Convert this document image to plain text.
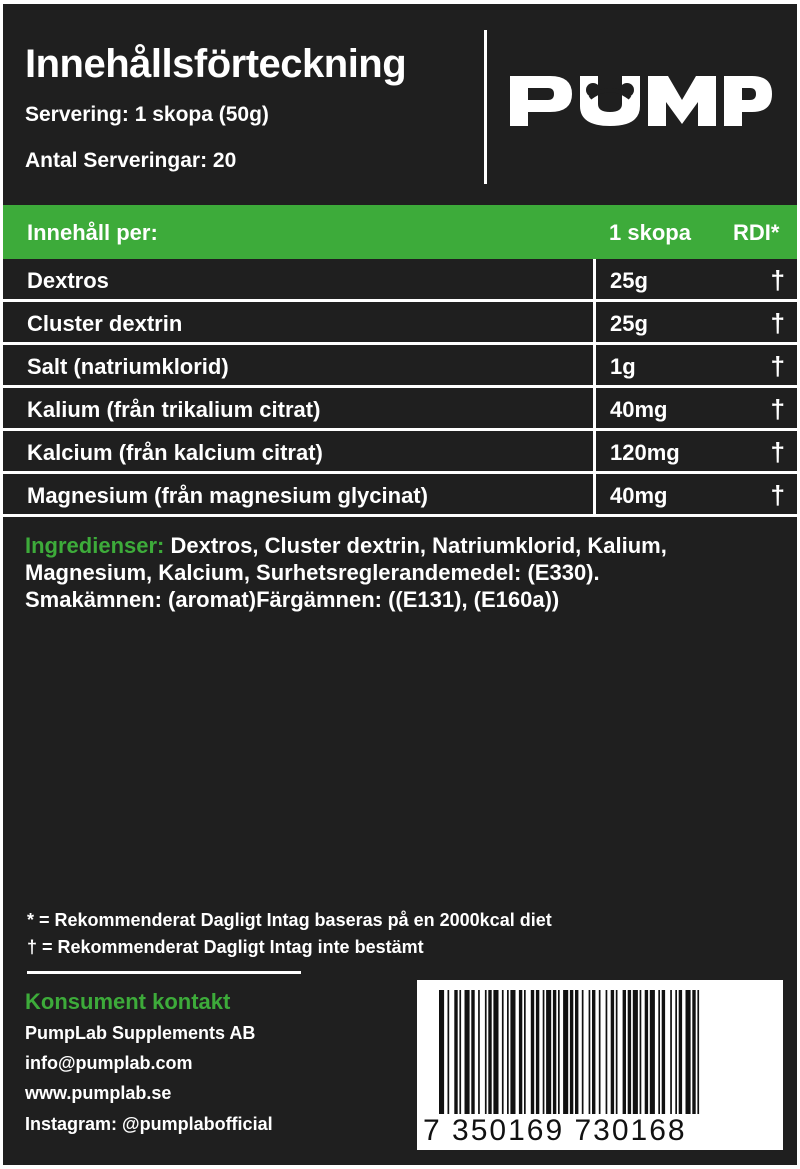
Innehållsförteckning
Servering: 1 skopa (50g)
Antal Serveringar: 20
Innehåll per:	1 skopa RDI*
Dextros	25g	†
Cluster dextrin	25g	†
Salt (natriumklorid)	1g	†
Kalium (från trikalium citrat)	40mg	†
Kalcium (från kalcium citrat)	120mg	†
Magnesium (från magnesium glycinat)	40mg	†
Ingredienser: Dextros, Cluster dextrin, Natriumklorid, Kalium,
Magnesium, Kalcium, Surhetsreglerandemedel: (E330).
Smakämnen: (aromat)Färgämnen: ((E131), (E160a))
* = Rekommenderat Dagligt Intag baseras på en 2000kcal diet
† = Rekommenderat Dagligt Intag inte bestämt
Konsument kontakt
PumpLab Supplements AB
info@pumplab.com
www.pumplab.se
Instagram: @pumplabofficial	7 350169 730168
